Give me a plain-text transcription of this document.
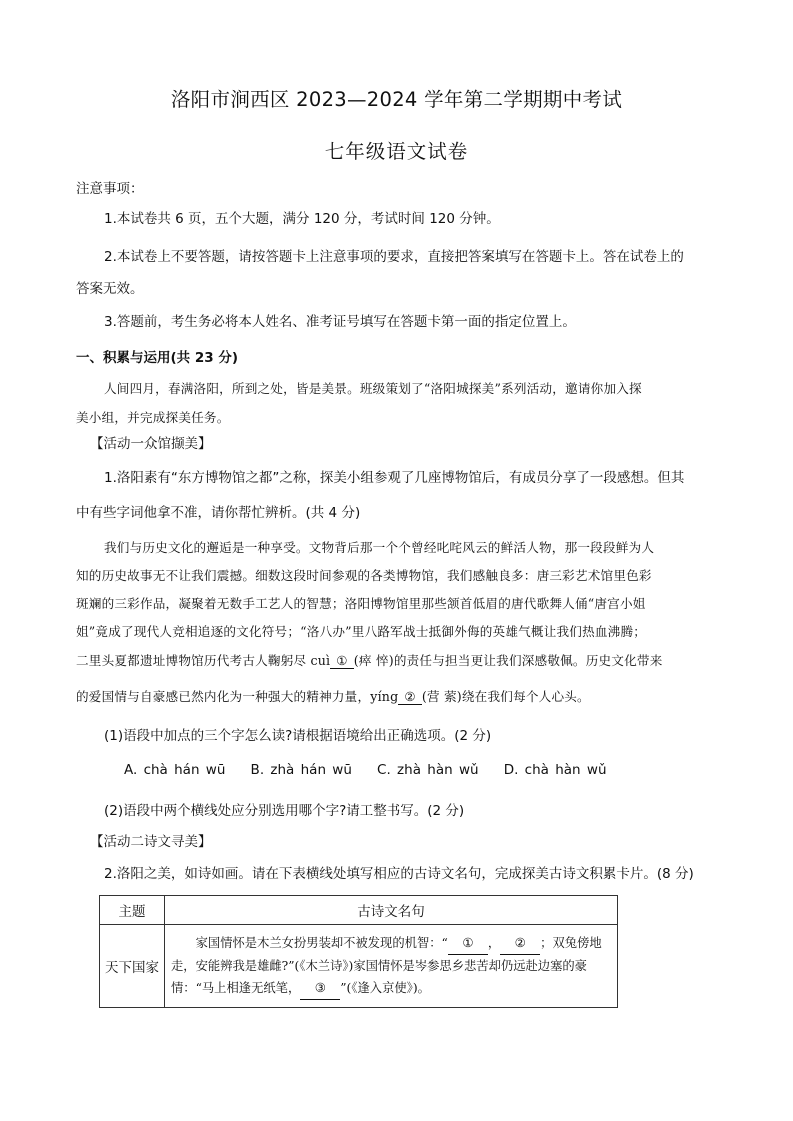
洛阳市涧西区 2023—2024 学年第二学期期中考试
七年级语文试卷
注意事项：
1.本试卷共 6 页，五个大题，满分 120 分，考试时间 120 分钟。
2.本试卷上不要答题，请按答题卡上注意事项的要求，直接把答案填写在答题卡上。答在试卷上的
答案无效。
3.答题前，考生务必将本人姓名、准考证号填写在答题卡第一面的指定位置上。
一、积累与运用(共 23 分)
人间四月，春满洛阳，所到之处，皆是美景。班级策划了“洛阳城探美”系列活动，邀请你加入探
美小组，并完成探美任务。
【活动一众馆撷美】
1.洛阳素有“东方博物馆之都”之称，探美小组参观了几座博物馆后，有成员分享了一段感想。但其
中有些字词他拿不准，请你帮忙辨析。(共 4 分)
我们与历史文化的邂逅是一种享受。文物背后那一个个曾经叱咤风云的鲜活人物，那一段段鲜为人
知的历史故事无不让我们震撼。细数这段时间参观的各类博物馆，我们感触良多：唐三彩艺术馆里色彩
斑斓的三彩作品，凝聚着无数手工艺人的智慧；洛阳博物馆里那些颔首低眉的唐代歌舞人俑“唐宫小姐
姐”竟成了现代人竞相追逐的文化符号；“洛八办”里八路军战士抵御外侮的英雄气概让我们热血沸腾；
二里头夏都遗址博物馆历代考古人鞠躬尽 cuì ① (瘁 悴)的责任与担当更让我们深感敬佩。历史文化带来
的爱国情与自豪感已然内化为一种强大的精神力量，yíng ② (营 萦)绕在我们每个人心头。
(1)语段中加点的三个字怎么读?请根据语境给出正确选项。(2 分)
A. chà hán wū    B. zhà hán wū    C. zhà hàn wǔ    D. chà hàn wǔ
(2)语段中两个横线处应分别选用哪个字?请工整书写。(2 分)
【活动二诗文寻美】
2.洛阳之美，如诗如画。请在下表横线处填写相应的古诗文名句，完成探美古诗文积累卡片。(8 分)
主题	古诗文名句
天下国家	  家国情怀是木兰女扮男装却不被发现的机智：“ ① ， ② ；双兔傍地走，安能辨我是雄雌?”(《木兰诗》)家国情怀是岑参思乡悲苦却仍远赴边塞的豪情：“马上相逢无纸笔， ③ ”(《逢入京使》)。
